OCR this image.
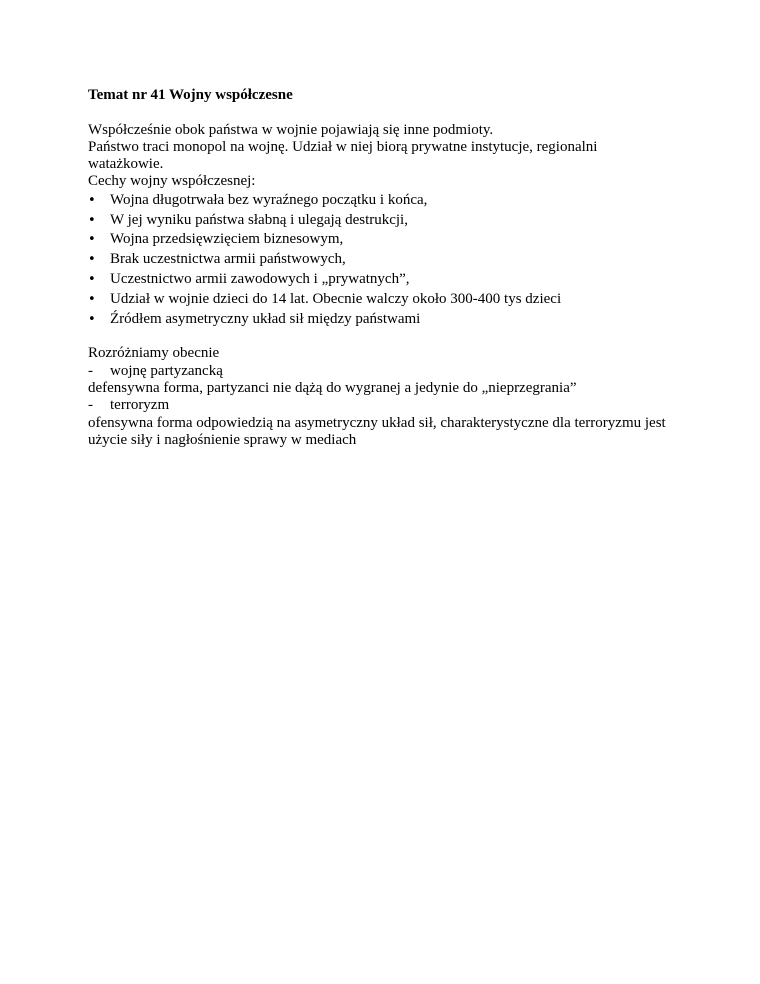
Temat nr 41 Wojny współczesne

Współcześnie obok państwa w wojnie pojawiają się inne podmioty.

Państwo traci monopol na wojnę. Udział w niej biorą prywatne instytucje, regionalni

watażkowie.

Cechy wojny współczesnej:

• Wojna długotrwała bez wyraźnego początku i końca,
• W jej wyniku państwa słabną i ulegają destrukcji,
• Wojna przedsięwzięciem biznesowym,
• Brak uczestnictwa armii państwowych,
• Uczestnictwo armii zawodowych i „prywatnych”,
• Udział w wojnie dzieci do 14 lat. Obecnie walczy około 300-400 tys dzieci
• Źródłem asymetryczny układ sił między państwami

Rozróżniamy obecnie

- wojnę partyzancką

defensywna forma, partyzanci nie dążą do wygranej a jedynie do „nieprzegrania”

- terroryzm

ofensywna forma odpowiedzią na asymetryczny układ sił, charakterystyczne dla terroryzmu jest

użycie siły i nagłośnienie sprawy w mediach
